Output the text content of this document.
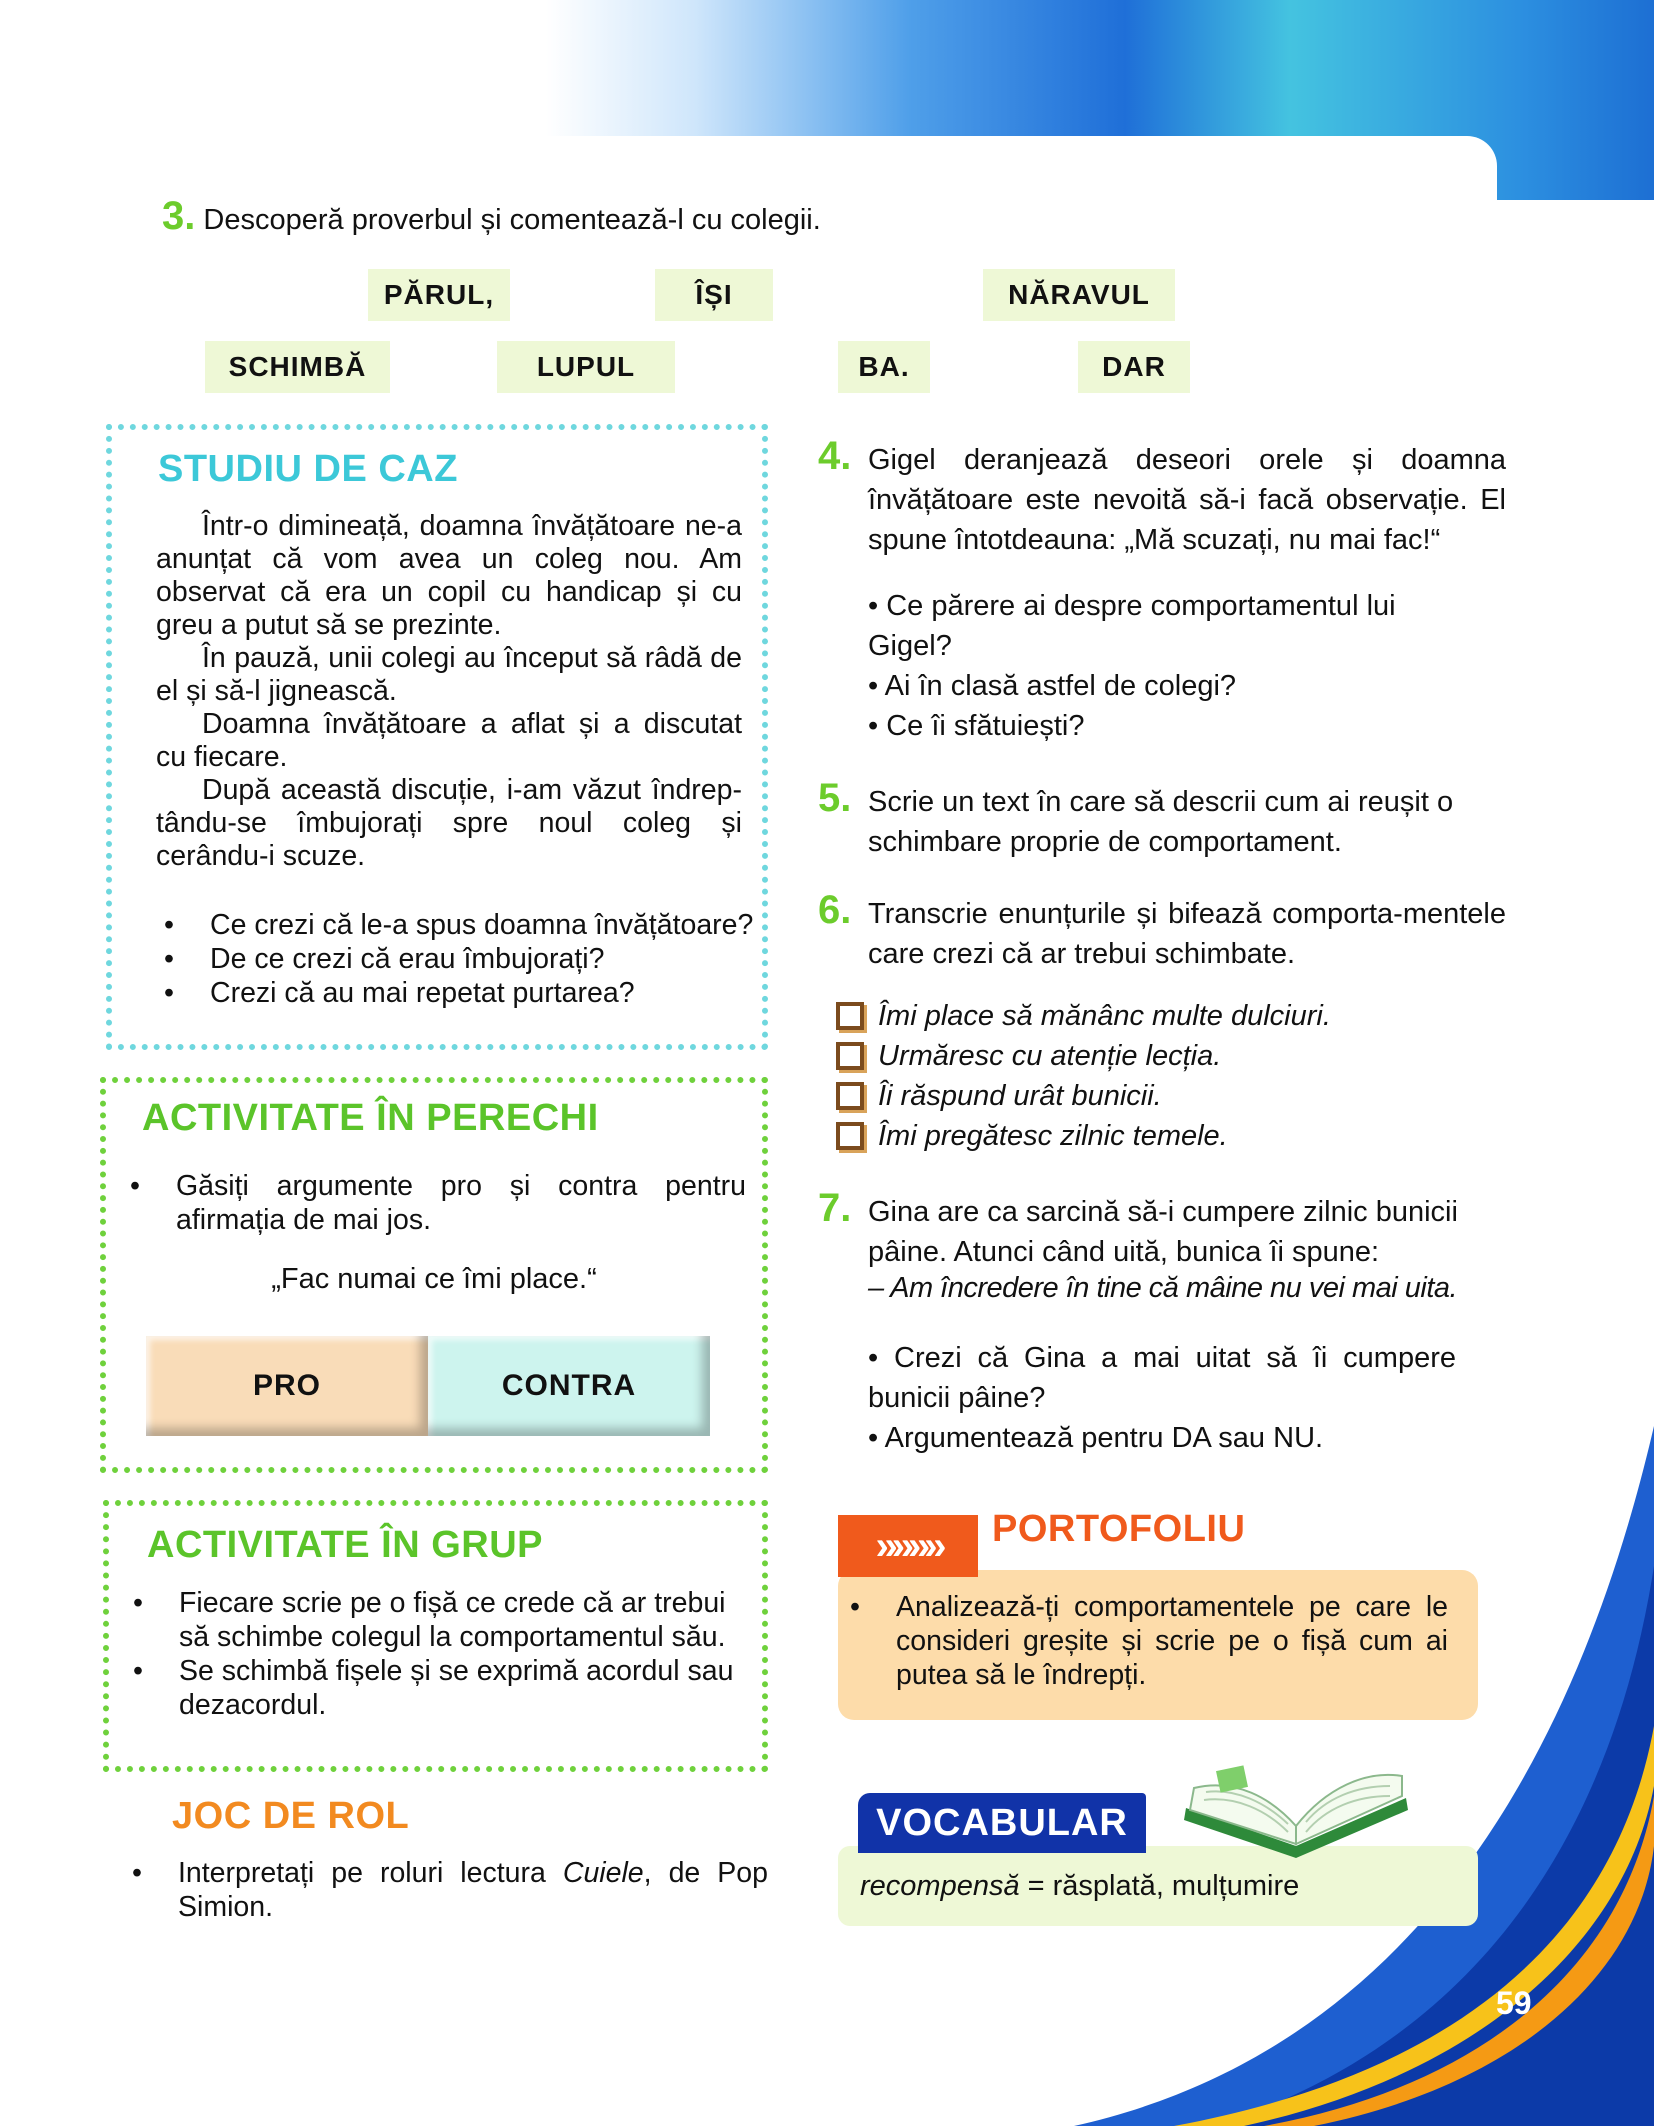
59
3. Descoperă proverbul și comentează-l cu colegii.
PĂRUL,	ÎȘI	NĂRAVUL
SCHIMBĂ	LUPUL	BA.	DAR
STUDIU DE CAZ

Într-o dimineață, doamna învățătoare ne-a anunțat că vom avea un coleg nou. Am observat că era un copil cu handicap și cu greu a putut să se prezinte.

În pauză, unii colegi au început să râdă de el și să-l jignească.

Doamna învățătoare a aflat și a discutat cu fiecare.

După această discuție, i-am văzut îndrep-tându-se îmbujorați spre noul coleg și cerându-i scuze.

• Ce crezi că le-a spus doamna învățătoare?
• De ce crezi că erau îmbujorați?
• Crezi că au mai repetat purtarea?
ACTIVITATE ÎN PERECHI
• Găsiți argumente pro și contra pentru afirmația de mai jos.
„Fac numai ce îmi place.“
PRO	CONTRA
ACTIVITATE ÎN GRUP
• Fiecare scrie pe o fișă ce crede că ar trebui să schimbe colegul la comportamentul său.
• Se schimbă fișele și se exprimă acordul sau dezacordul.
JOC DE ROL
• Interpretați pe roluri lectura Cuiele, de Pop Simion.
4. Gigel deranjează deseori orele și doamna învățătoare este nevoită să-i facă observație. El spune întotdeauna: „Mă scuzați, nu mai fac!“
• Ce părere ai despre comportamentul lui Gigel?
• Ai în clasă astfel de colegi?
• Ce îi sfătuiești?
5. Scrie un text în care să descrii cum ai reușit o schimbare proprie de comportament.
6. Transcrie enunțurile și bifează comporta-mentele care crezi că ar trebui schimbate.
Îmi place să mănânc multe dulciuri.
Urmăresc cu atenție lecția.
Îi răspund urât bunicii.
Îmi pregătesc zilnic temele.
7. Gina are ca sarcină să-i cumpere zilnic bunicii pâine. Atunci când uită, bunica îi spune:
– Am încredere în tine că mâine nu vei mai uita.
• Crezi că Gina a mai uitat să îi cumpere bunicii pâine?
• Argumentează pentru DA sau NU.
• Analizează-ți comportamentele pe care le consideri greșite și scrie pe o fișă cum ai putea să le îndrepți.
»»»»	PORTOFOLIU
recompensă = răsplată, mulțumire
VOCABULAR
